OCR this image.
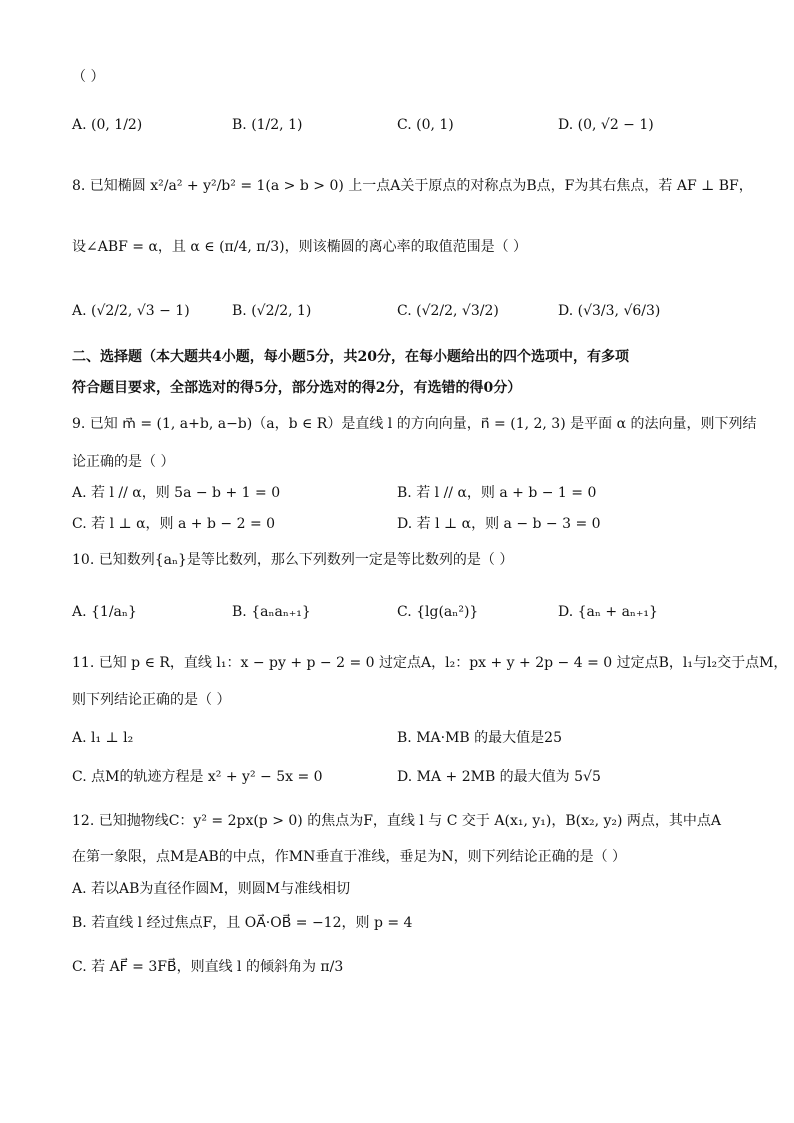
（ ）
A. (0, 1/2)	B. (1/2, 1)	C. (0, 1)	D. (0, √2 − 1)
8. 已知椭圆 x²/a² + y²/b² = 1(a > b > 0) 上一点A关于原点的对称点为B点，F为其右焦点，若 AF ⊥ BF，
设∠ABF = α，且 α ∈ (π/4, π/3)，则该椭圆的离心率的取值范围是（ ）
A. (√2/2, √3 − 1)	B. (√2/2, 1)	C. (√2/2, √3/2)	D. (√3/3, √6/3)
二、选择题（本大题共4小题，每小题5分，共20分，在每小题给出的四个选项中，有多项
符合题目要求，全部选对的得5分，部分选对的得2分，有选错的得0分）
9. 已知 m⃗ = (1, a+b, a−b)（a，b ∈ R）是直线 l 的方向向量，n⃗ = (1, 2, 3) 是平面 α 的法向量，则下列结
论正确的是（ ）
A. 若 l // α，则 5a − b + 1 = 0	B. 若 l // α，则 a + b − 1 = 0
C. 若 l ⊥ α，则 a + b − 2 = 0	D. 若 l ⊥ α，则 a − b − 3 = 0
10. 已知数列{aₙ}是等比数列，那么下列数列一定是等比数列的是（ ）
A. {1/aₙ}	B. {aₙaₙ₊₁}	C. {lg(aₙ²)}	D. {aₙ + aₙ₊₁}
11. 已知 p ∈ R，直线 l₁：x − py + p − 2 = 0 过定点A，l₂：px + y + 2p − 4 = 0 过定点B，l₁与l₂交于点M，
则下列结论正确的是（ ）
A. l₁ ⊥ l₂	B. MA·MB 的最大值是25
C. 点M的轨迹方程是 x² + y² − 5x = 0	D. MA + 2MB 的最大值为 5√5
12. 已知抛物线C：y² = 2px(p > 0) 的焦点为F，直线 l 与 C 交于 A(x₁, y₁)，B(x₂, y₂) 两点，其中点A
在第一象限，点M是AB的中点，作MN垂直于准线，垂足为N，则下列结论正确的是（ ）
A. 若以AB为直径作圆M，则圆M与准线相切
B. 若直线 l 经过焦点F，且 OA⃗·OB⃗ = −12，则 p = 4
C. 若 AF⃗ = 3FB⃗，则直线 l 的倾斜角为 π/3
